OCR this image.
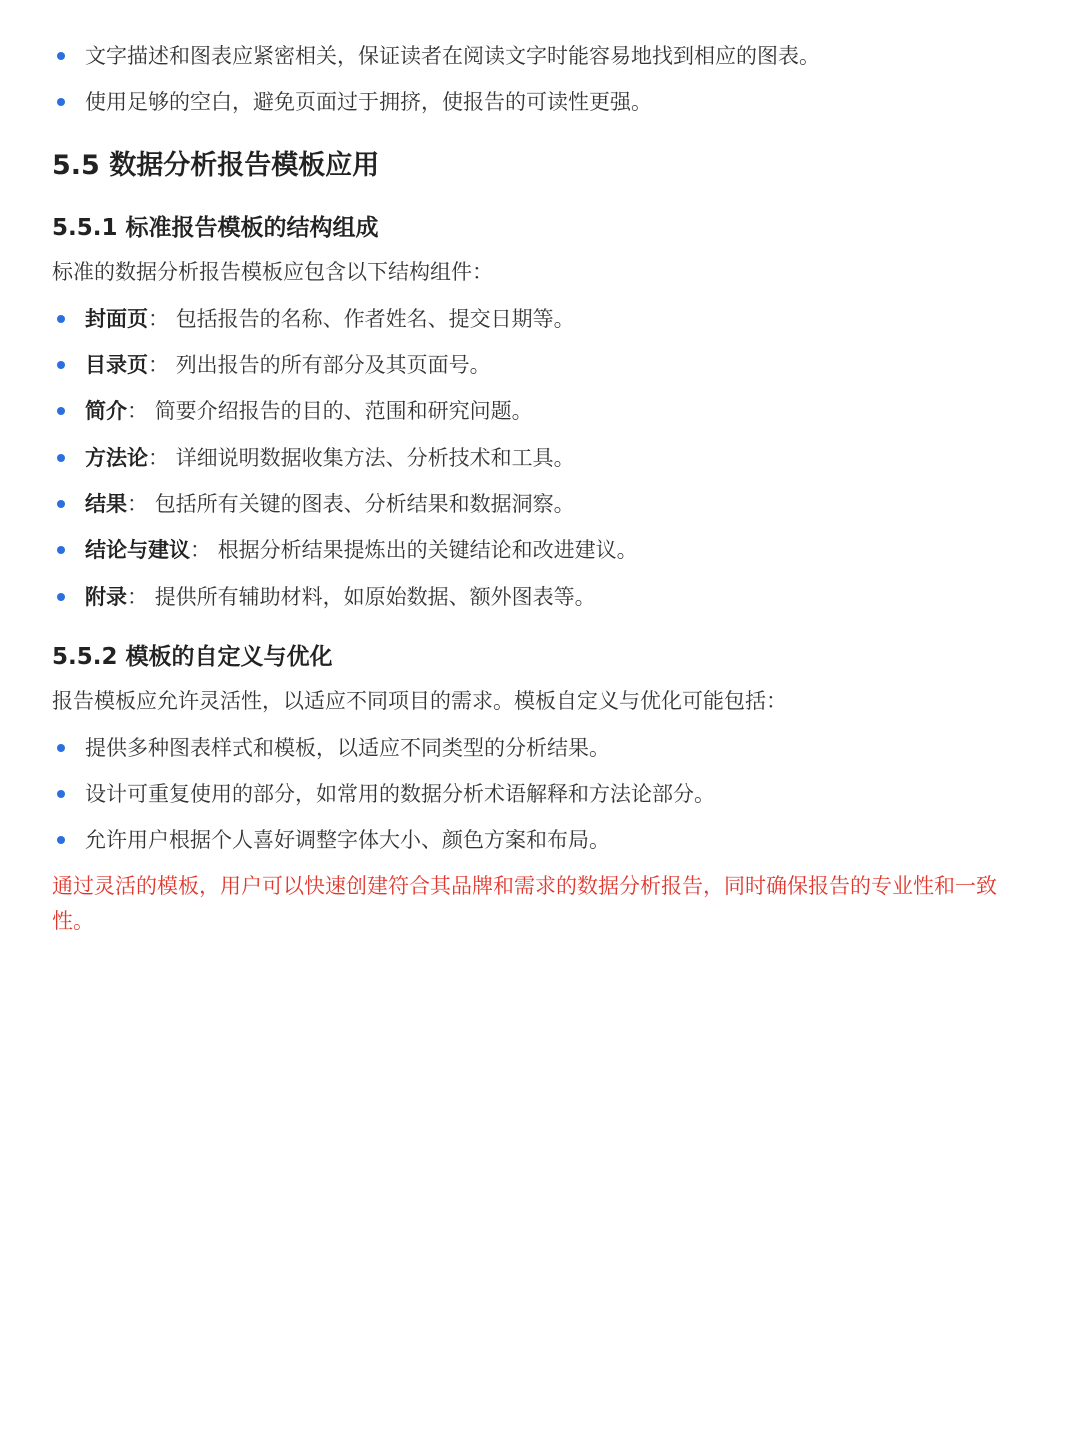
文字描述和图表应紧密相关，保证读者在阅读文字时能容易地找到相应的图表。
使用足够的空白，避免页面过于拥挤，使报告的可读性更强。
5.5 数据分析报告模板应用
5.5.1 标准报告模板的结构组成
标准的数据分析报告模板应包含以下结构组件：
封面页： 包括报告的名称、作者姓名、提交日期等。
目录页： 列出报告的所有部分及其页面号。
简介： 简要介绍报告的目的、范围和研究问题。
方法论： 详细说明数据收集方法、分析技术和工具。
结果： 包括所有关键的图表、分析结果和数据洞察。
结论与建议： 根据分析结果提炼出的关键结论和改进建议。
附录： 提供所有辅助材料，如原始数据、额外图表等。
5.5.2 模板的自定义与优化
报告模板应允许灵活性，以适应不同项目的需求。模板自定义与优化可能包括：
提供多种图表样式和模板，以适应不同类型的分析结果。
设计可重复使用的部分，如常用的数据分析术语解释和方法论部分。
允许用户根据个人喜好调整字体大小、颜色方案和布局。
通过灵活的模板，用户可以快速创建符合其品牌和需求的数据分析报告，同时确保报告的专业性和一致性。
